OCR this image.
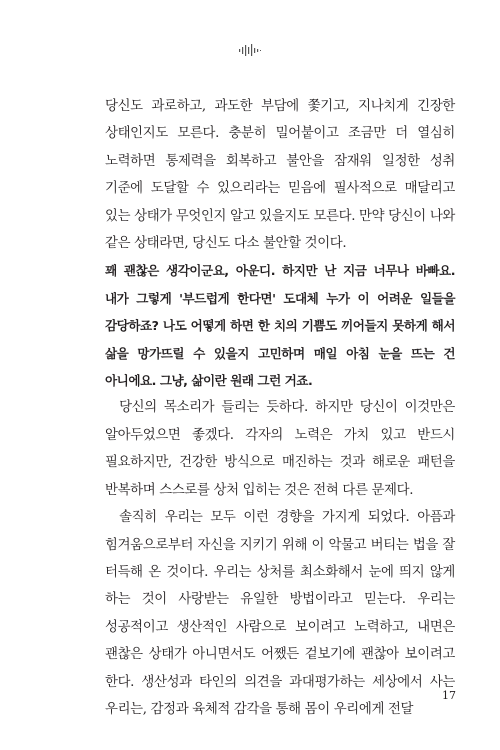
당신도 과로하고, 과도한 부담에 쫓기고, 지나치게 긴장한 상태인지도 모른다. 충분히 밀어붙이고 조금만 더 열심히 노력하면 통제력을 회복하고 불안을 잠재워 일정한 성취 기준에 도달할 수 있으리라는 믿음에 필사적으로 매달리고 있는 상태가 무엇인지 알고 있을지도 모른다. 만약 당신이 나와 같은 상태라면, 당신도 다소 불안할 것이다.

꽤 괜찮은 생각이군요, 아운디. 하지만 난 지금 너무나 바빠요. 내가 그렇게 '부드럽게 한다면' 도대체 누가 이 어려운 일들을 감당하죠? 나도 어떻게 하면 한 치의 기쁨도 끼어들지 못하게 해서 삶을 망가뜨릴 수 있을지 고민하며 매일 아침 눈을 뜨는 건 아니에요. 그냥, 삶이란 원래 그런 거죠.

당신의 목소리가 들리는 듯하다. 하지만 당신이 이것만은 알아두었으면 좋겠다. 각자의 노력은 가치 있고 반드시 필요하지만, 건강한 방식으로 매진하는 것과 해로운 패턴을 반복하며 스스로를 상처 입히는 것은 전혀 다른 문제다.

솔직히 우리는 모두 이런 경향을 가지게 되었다. 아픔과 힘겨움으로부터 자신을 지키기 위해 이 악물고 버티는 법을 잘 터득해 온 것이다. 우리는 상처를 최소화해서 눈에 띄지 않게 하는 것이 사랑받는 유일한 방법이라고 믿는다. 우리는 성공적이고 생산적인 사람으로 보이려고 노력하고, 내면은 괜찮은 상태가 아니면서도 어쨌든 겉보기에 괜찮아 보이려고 한다. 생산성과 타인의 의견을 과대평가하는 세상에서 사는 우리는, 감정과 육체적 감각을 통해 몸이 우리에게 전달

17
